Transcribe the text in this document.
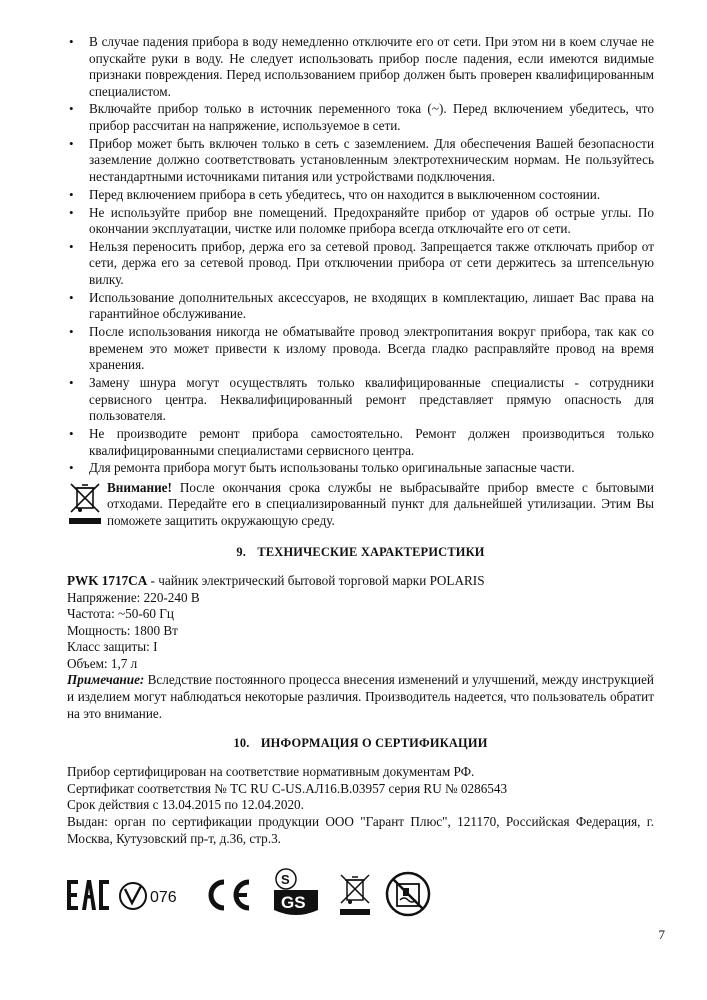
• В случае падения прибора в воду немедленно отключите его от сети. При этом ни в коем случае не опускайте руки в воду. Не следует использовать прибор после падения, если имеются видимые признаки повреждения. Перед использованием прибор должен быть проверен квалифицированным специалистом.
• Включайте прибор только в источник переменного тока (~). Перед включением убедитесь, что прибор рассчитан на напряжение, используемое в сети.
• Прибор может быть включен только в сеть с заземлением. Для обеспечения Вашей безопасности заземление должно соответствовать установленным электротехническим нормам. Не пользуйтесь нестандартными источниками питания или устройствами подключения.
• Перед включением прибора в сеть убедитесь, что он находится в выключенном состоянии.
• Не используйте прибор вне помещений. Предохраняйте прибор от ударов об острые углы. По окончании эксплуатации, чистке или поломке прибора всегда отключайте его от сети.
• Нельзя переносить прибор, держа его за сетевой провод. Запрещается также отключать прибор от сети, держа его за сетевой провод. При отключении прибора от сети держитесь за штепсельную вилку.
• Использование дополнительных аксессуаров, не входящих в комплектацию, лишает Вас права на гарантийное обслуживание.
• После использования никогда не обматывайте провод электропитания вокруг прибора, так как со временем это может привести к излому провода. Всегда гладко расправляйте провод на время хранения.
• Замену шнура могут осуществлять только квалифицированные специалисты - сотрудники сервисного центра. Неквалифицированный ремонт представляет прямую опасность для пользователя.
• Не производите ремонт прибора самостоятельно. Ремонт должен производиться только квалифицированными специалистами сервисного центра.
• Для ремонта прибора могут быть использованы только оригинальные запасные части.
Внимание! После окончания срока службы не выбрасывайте прибор вместе с бытовыми отходами. Передайте его в специализированный пункт для дальнейшей утилизации. Этим Вы поможете защитить окружающую среду.
9. ТЕХНИЧЕСКИЕ ХАРАКТЕРИСТИКИ

PWK 1717CA - чайник электрический бытовой торговой марки POLARIS

Напряжение: 220-240 В

Частота: ~50-60 Гц

Мощность: 1800 Вт

Класс защиты: I

Объем: 1,7 л

Примечание: Вследствие постоянного процесса внесения изменений и улучшений, между инструкцией и изделием могут наблюдаться некоторые различия. Производитель надеется, что пользователь обратит на это внимание.

10. ИНФОРМАЦИЯ О СЕРТИФИКАЦИИ

Прибор сертифицирован на соответствие нормативным документам РФ.

Сертификат соответствия № TC RU C-US.АЛ16.В.03957 серия RU № 0286543

Срок действия с 13.04.2015 по 12.04.2020.

Выдан: орган по сертификации продукции ООО "Гарант Плюс", 121170, Российская Федерация, г. Москва, Кутузовский пр-т, д.36, стр.3.

076
S
GS
7
